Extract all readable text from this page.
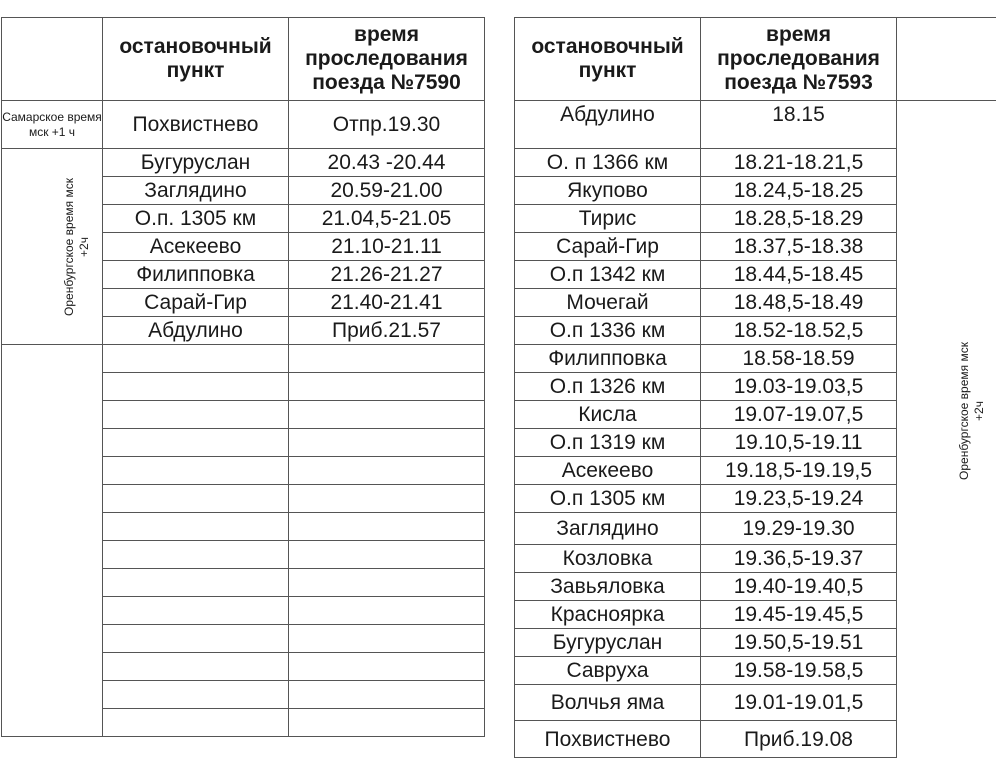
	остановочный пункт	время проследования поезда №7590
Самарское время мск +1 ч	Похвистнево	Отпр.19.30
Оренбургское время мск +2ч	Бугуруслан	20.43 -20.44
	Заглядино	20.59-21.00
	О.п. 1305 км	21.04,5-21.05
	Асекеево	21.10-21.11
	Филипповка	21.26-21.27
	Сарай-Гир	21.40-21.41
	Абдулино	Приб.21.57

остановочный пункт	время проследования поезда №7593		
Абдулино	18.15	Оренбургское время мск +2ч	
О. п 1366 км	18.21-18.21,5		
Якупово	18.24,5-18.25		
Тирис	18.28,5-18.29		
Сарай-Гир	18.37,5-18.38		
О.п 1342 км	18.44,5-18.45		
Мочегай	18.48,5-18.49		
О.п 1336 км	18.52-18.52,5		
Филипповка	18.58-18.59		
О.п 1326 км	19.03-19.03,5		
Кисла	19.07-19.07,5		
О.п 1319 км	19.10,5-19.11		
Асекеево	19.18,5-19.19,5		
О.п 1305 км	19.23,5-19.24		
Заглядино	19.29-19.30		
Козловка	19.36,5-19.37		
Завьяловка	19.40-19.40,5		
Красноярка	19.45-19.45,5		
Бугуруслан	19.50,5-19.51		
Савруха	19.58-19.58,5		
Волчья яма	19.01-19.01,5	
Похвистнево	Приб.19.08		
